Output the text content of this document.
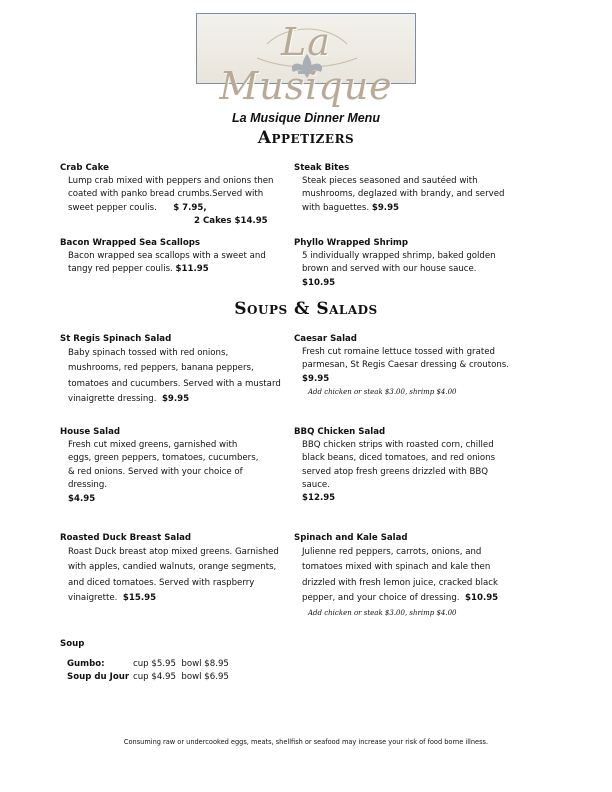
La Musique
La Musique Dinner Menu
Appetizers
Crab Cake
Lump crab mixed with peppers and onions then coated with panko bread crumbs.Served with sweet pepper coulis. $ 7.95,
2 Cakes $14.95
Bacon Wrapped Sea Scallops
Bacon wrapped sea scallops with a sweet and tangy red pepper coulis. $11.95
Steak Bites
Steak pieces seasoned and sautéed with mushrooms, deglazed with brandy, and served with baguettes. $9.95
Phyllo Wrapped Shrimp
5 individually wrapped shrimp, baked golden brown and served with our house sauce.
$10.95
Soups & Salads
St Regis Spinach Salad
Baby spinach tossed with red onions, mushrooms, red peppers, banana peppers, tomatoes and cucumbers. Served with a mustard vinaigrette dressing. $9.95
House Salad
Fresh cut mixed greens, garnished with eggs, green peppers, tomatoes, cucumbers, & red onions. Served with your choice of dressing.
$4.95
Roasted Duck Breast Salad
Roast Duck breast atop mixed greens. Garnished with apples, candied walnuts, orange segments, and diced tomatoes. Served with raspberry vinaigrette. $15.95
Caesar Salad
Fresh cut romaine lettuce tossed with grated parmesan, St Regis Caesar dressing & croutons.
$9.95
Add chicken or steak $3.00, shrimp $4.00
BBQ Chicken Salad
BBQ chicken strips with roasted corn, chilled black beans, diced tomatoes, and red onions served atop fresh greens drizzled with BBQ sauce.
$12.95
Spinach and Kale Salad
Julienne red peppers, carrots, onions, and tomatoes mixed with spinach and kale then drizzled with fresh lemon juice, cracked black pepper, and your choice of dressing. $10.95
Add chicken or steak $3.00, shrimp $4.00
Soup
Gumbo:	cup $5.95  bowl $8.95
Soup du Jour cup $4.95  bowl $6.95
Consuming raw or undercooked eggs, meats, shellfish or seafood may increase your risk of food borne illness.
